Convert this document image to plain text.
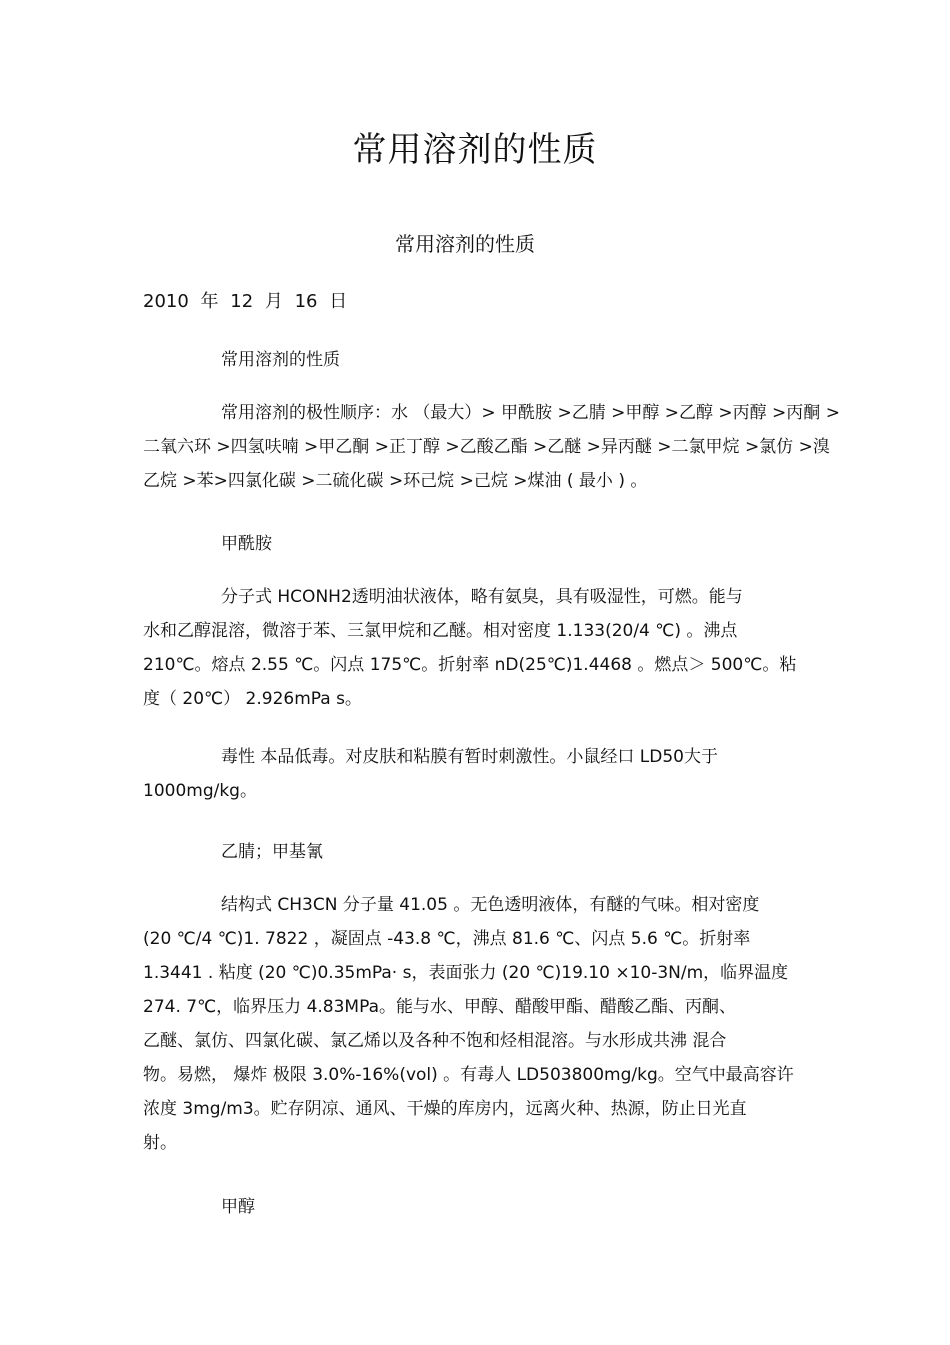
常用溶剂的性质
常用溶剂的性质
2010 年 12 月 16 日
常用溶剂的性质
常用溶剂的极性顺序：水 （最大）> 甲酰胺 >乙腈 >甲醇 >乙醇 >丙醇 >丙酮 >
二氧六环 >四氢呋喃 >甲乙酮 >正丁醇 >乙酸乙酯 >乙醚 >异丙醚 >二氯甲烷 >氯仿 >溴
乙烷 >苯>四氯化碳 >二硫化碳 >环己烷 >己烷 >煤油 ( 最小 ) 。
甲酰胺
分子式 HCONH2透明油状液体，略有氨臭，具有吸湿性，可燃。能与
水和乙醇混溶，微溶于苯、三氯甲烷和乙醚。相对密度 1.133(20/4 ℃) 。沸点
210℃。熔点 2.55 ℃。闪点 175℃。折射率 nD(25℃)1.4468 。燃点＞ 500℃。粘
度（ 20℃） 2.926mPa s。
毒性 本品低毒。对皮肤和粘膜有暂时刺激性。小鼠经口 LD50大于
1000mg/kg。
乙腈；甲基氰
结构式 CH3CN 分子量 41.05 。无色透明液体，有醚的气味。相对密度
(20 ℃/4 ℃)1. 7822 ，凝固点 -43.8 ℃，沸点 81.6 ℃、闪点 5.6 ℃。折射率
1.3441 . 粘度 (20 ℃)0.35mPa· s，表面张力 (20 ℃)19.10 ×10-3N/m，临界温度
274. 7℃，临界压力 4.83MPa。能与水、甲醇、醋酸甲酯、醋酸乙酯、丙酮、
乙醚、氯仿、四氯化碳、氯乙烯以及各种不饱和烃相混溶。与水形成共沸 混合
物。易燃， 爆炸 极限 3.0%-16%(vol) 。有毒人 LD503800mg/kg。空气中最高容许
浓度 3mg/m3。贮存阴凉、通风、干燥的库房内，远离火种、热源，防止日光直
射。
甲醇
